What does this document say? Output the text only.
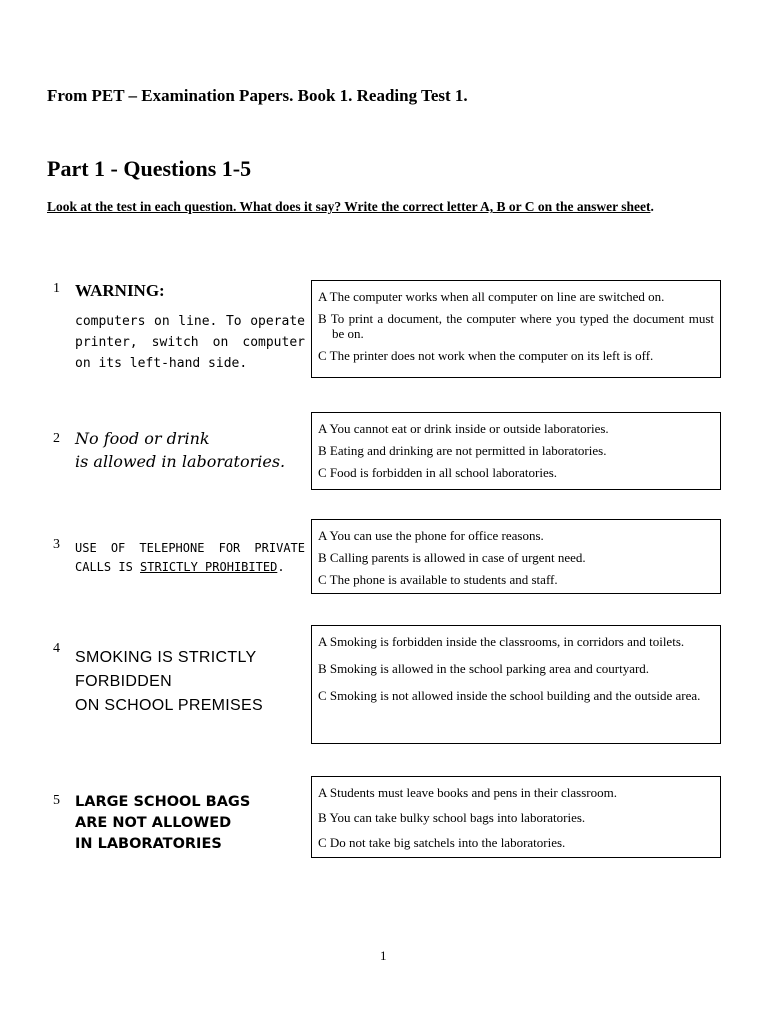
From PET – Examination Papers. Book 1. Reading Test 1.
Part 1 - Questions 1-5
Look at the test in each question. What does it say? Write the correct letter A, B or C on the answer sheet.
1 WARNING:
computers on line. To operate printer, switch on computer on its left-hand side.
A The computer works when all computer on line are switched on.
B To print a document, the computer where you typed the document must be on.
C The printer does not work when the computer on its left is off.
2 No food or drink
is allowed in laboratories.
A You cannot eat or drink inside or outside laboratories.
B Eating and drinking are not permitted in laboratories.
C Food is forbidden in all school laboratories.
3 USE OF TELEPHONE FOR PRIVATE CALLS IS STRICTLY PROHIBITED.
A You can use the phone for office reasons.
B Calling parents is allowed in case of urgent need.
C The phone is available to students and staff.
4
SMOKING IS STRICTLY
FORBIDDEN
ON SCHOOL PREMISES
A Smoking is forbidden inside the classrooms, in corridors and toilets.
B Smoking is allowed in the school parking area and courtyard.
C Smoking is not allowed inside the school building and the outside area.
5 LARGE SCHOOL BAGS
ARE NOT ALLOWED
IN LABORATORIES
A Students must leave books and pens in their classroom.
B You can take bulky school bags into laboratories.
C Do not take big satchels into the laboratories.
1
